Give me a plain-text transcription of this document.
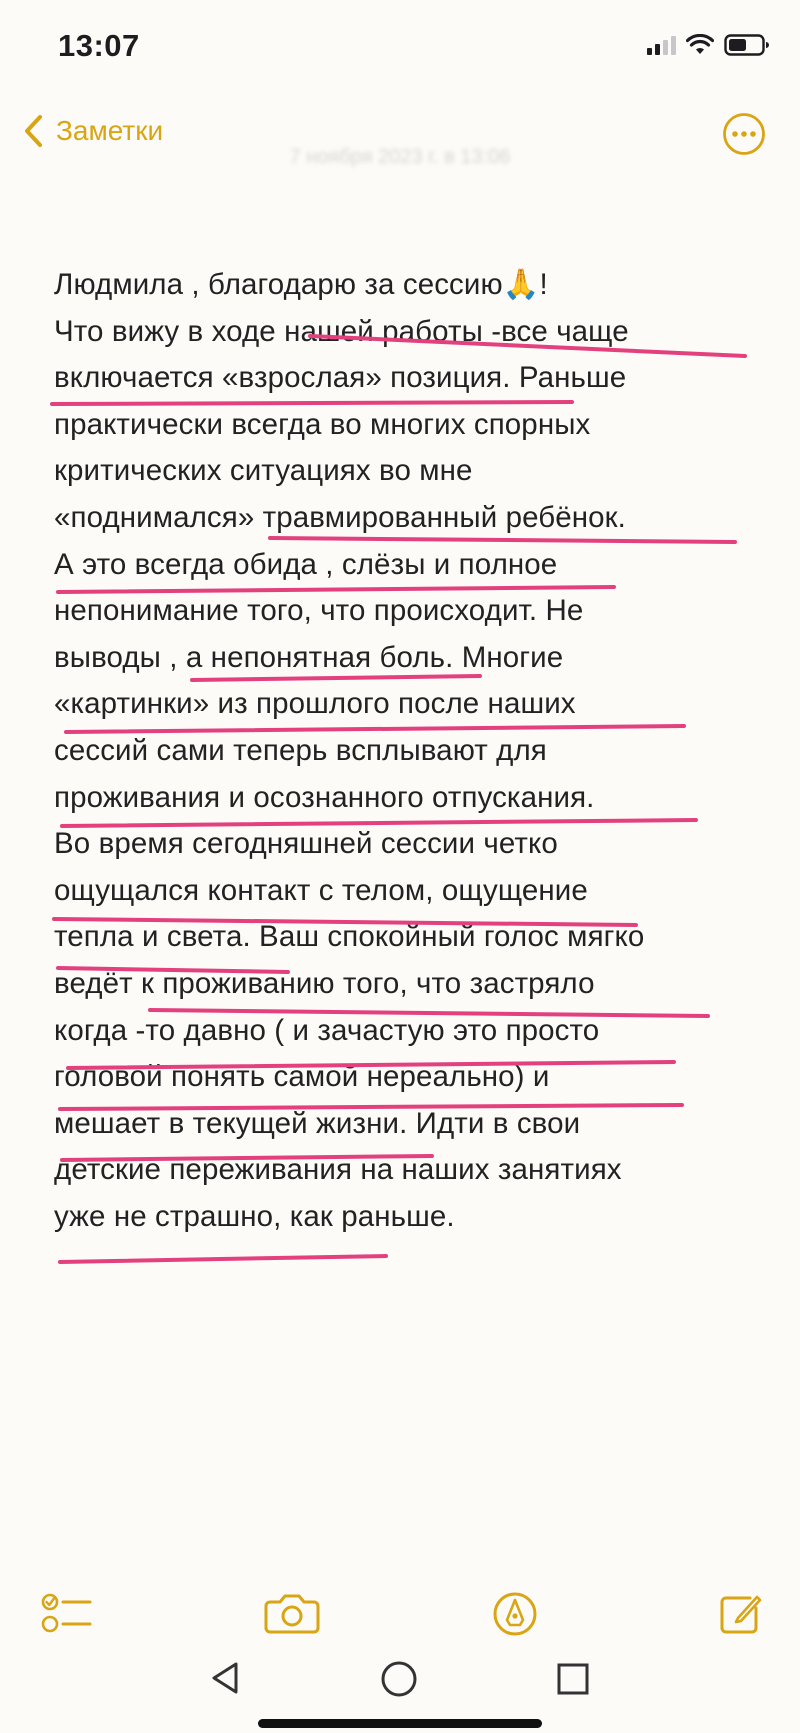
13:07
Заметки
7 ноября 2023 г. в 13:06
Людмила , благодарю за сессию🙏!
Что вижу в ходе нашей работы -все чаще
включается «взрослая» позиция. Раньше
практически всегда во многих спорных
критических ситуациях во мне
«поднимался» травмированный ребёнок.
А это всегда обида , слёзы и полное
непонимание того, что происходит. Не
выводы , а непонятная боль. Многие
«картинки» из прошлого после наших
сессий сами теперь всплывают для
проживания и осознанного отпускания.
Во время сегодняшней сессии четко
ощущался контакт с телом, ощущение
тепла и света. Ваш спокойный голос мягко
ведёт к проживанию того, что застряло
когда -то давно ( и зачастую это просто
головой понять самой нереально) и
мешает в текущей жизни. Идти в свои
детские переживания на наших занятиях
уже не страшно, как раньше.
